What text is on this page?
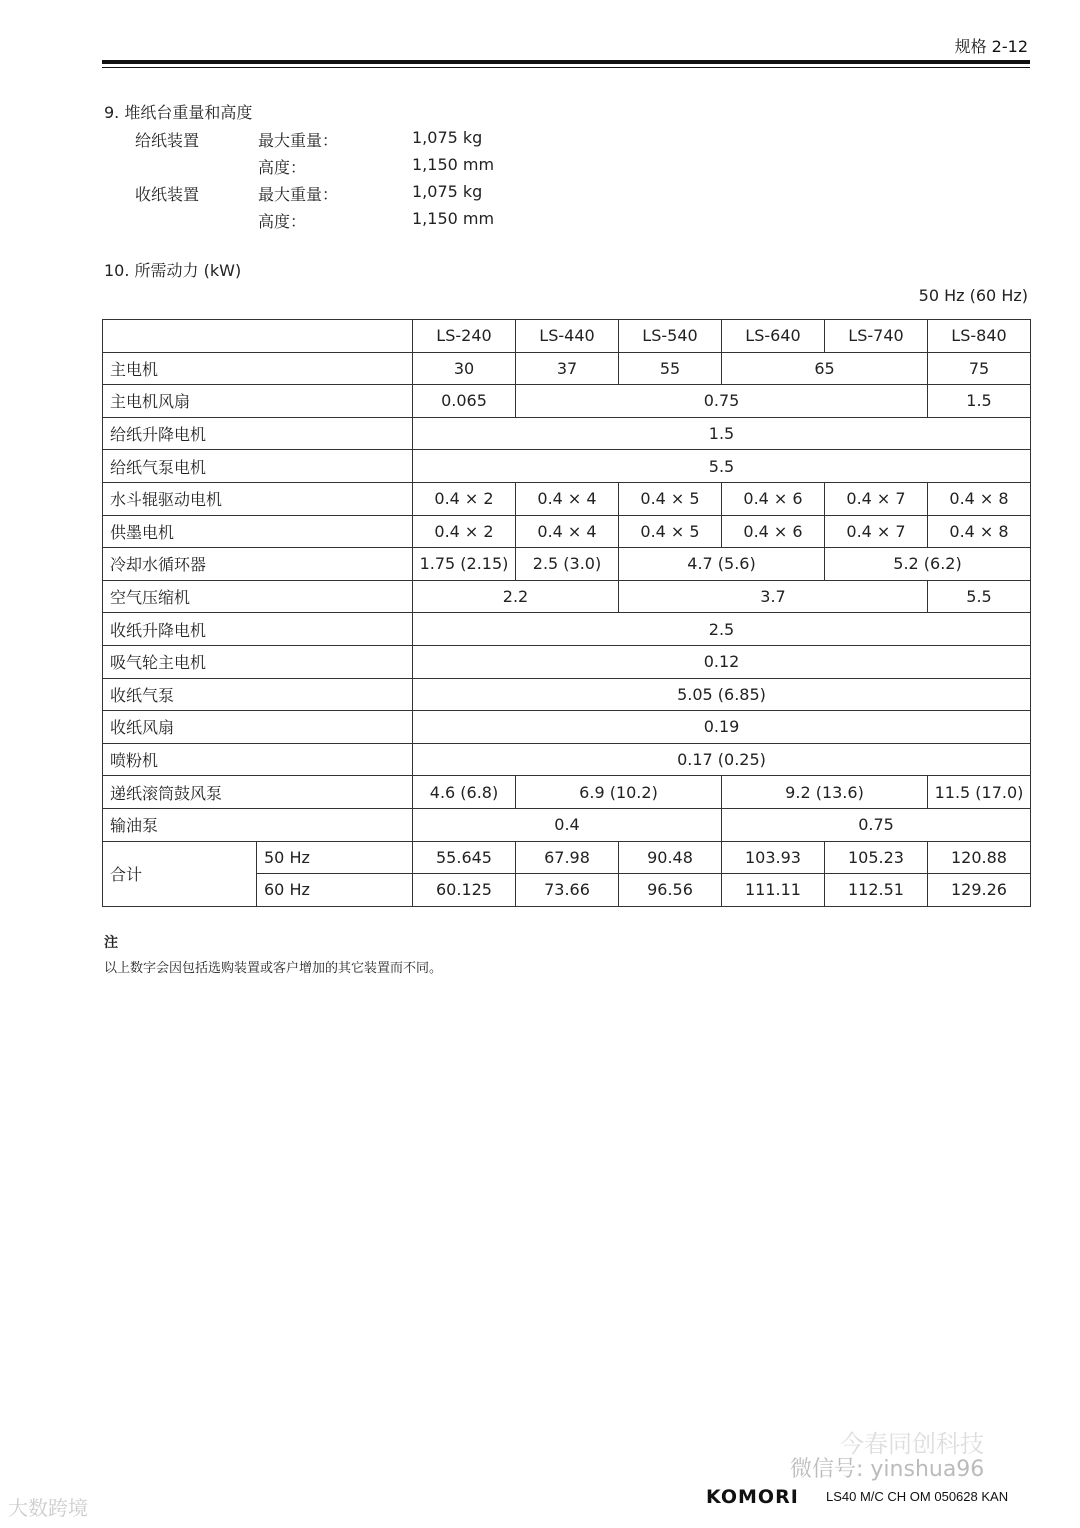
规格 2-12
9. 堆纸台重量和高度
给纸装置	最大重量：	1,075 kg
高度：	1,150 mm
收纸装置	最大重量：	1,075 kg
高度：	1,150 mm
10. 所需动力 (kW)
50 Hz (60 Hz)
		LS-240	LS-440	LS-540	LS-640	LS-740	LS-840
主电机		30	37	55	65		75
主电机风扇		0.065	0.75				1.5
给纸升降电机		1.5					
给纸气泵电机		5.5					
水斗辊驱动电机		0.4 × 2	0.4 × 4	0.4 × 5	0.4 × 6	0.4 × 7	0.4 × 8
供墨电机		0.4 × 2	0.4 × 4	0.4 × 5	0.4 × 6	0.4 × 7	0.4 × 8
冷却水循环器		1.75 (2.15)	2.5 (3.0)	4.7 (5.6)		5.2 (6.2)	
空气压缩机		2.2		3.7			5.5
收纸升降电机		2.5					
吸气轮主电机		0.12					
收纸气泵		5.05 (6.85)					
收纸风扇		0.19					
喷粉机		0.17 (0.25)					
递纸滚筒鼓风泵		4.6 (6.8)	6.9 (10.2)		9.2 (13.6)		11.5 (17.0)
输油泵		0.4			0.75		
合计	50 Hz	55.645	67.98	90.48	103.93	105.23	120.88
	60 Hz	60.125	73.66	96.56	111.11	112.51	129.26
注
以上数字会因包括选购装置或客户增加的其它装置而不同。
今春同创科技
微信号: yinshua96
大数跨境	KOMORI LS40 M/C CH OM 050628 KAN
